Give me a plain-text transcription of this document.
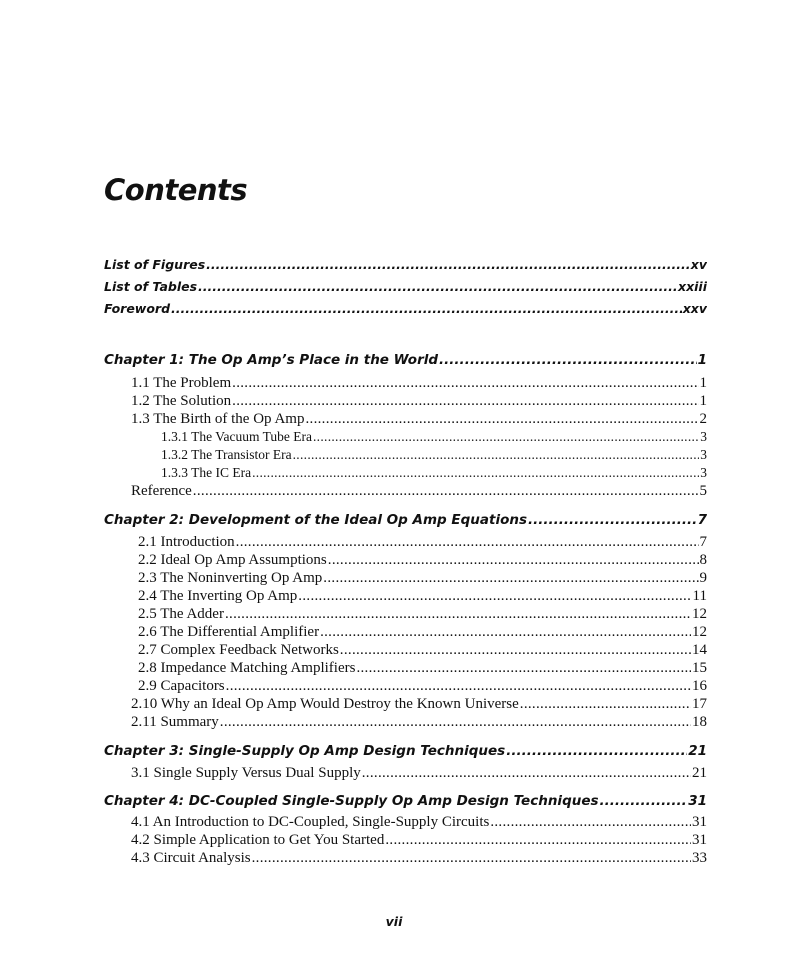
Contents
List of Figures .....	xv
List of Tables .....	xxiii
Foreword .....	xxv
Chapter 1: The Op Amp’s Place in the World .....	1
1.1 The Problem .....	1
1.2 The Solution .....	1
1.3 The Birth of the Op Amp .....	2
1.3.1 The Vacuum Tube Era .....	3
1.3.2 The Transistor Era .....	3
1.3.3 The IC Era .....	3
Reference .....	5
Chapter 2: Development of the Ideal Op Amp Equations .....	7
2.1 Introduction .....	7
2.2 Ideal Op Amp Assumptions .....	8
2.3 The Noninverting Op Amp .....	9
2.4 The Inverting Op Amp .....	11
2.5 The Adder .....	12
2.6 The Differential Amplifier .....	12
2.7 Complex Feedback Networks .....	14
2.8 Impedance Matching Amplifiers .....	15
2.9 Capacitors .....	16
2.10 Why an Ideal Op Amp Would Destroy the Known Universe .....	17
2.11 Summary .....	18
Chapter 3: Single-Supply Op Amp Design Techniques .....	21
3.1 Single Supply Versus Dual Supply .....	21
Chapter 4: DC-Coupled Single-Supply Op Amp Design Techniques .....	31
4.1 An Introduction to DC-Coupled, Single-Supply Circuits .....	31
4.2 Simple Application to Get You Started .....	31
4.3 Circuit Analysis .....	33
vii
